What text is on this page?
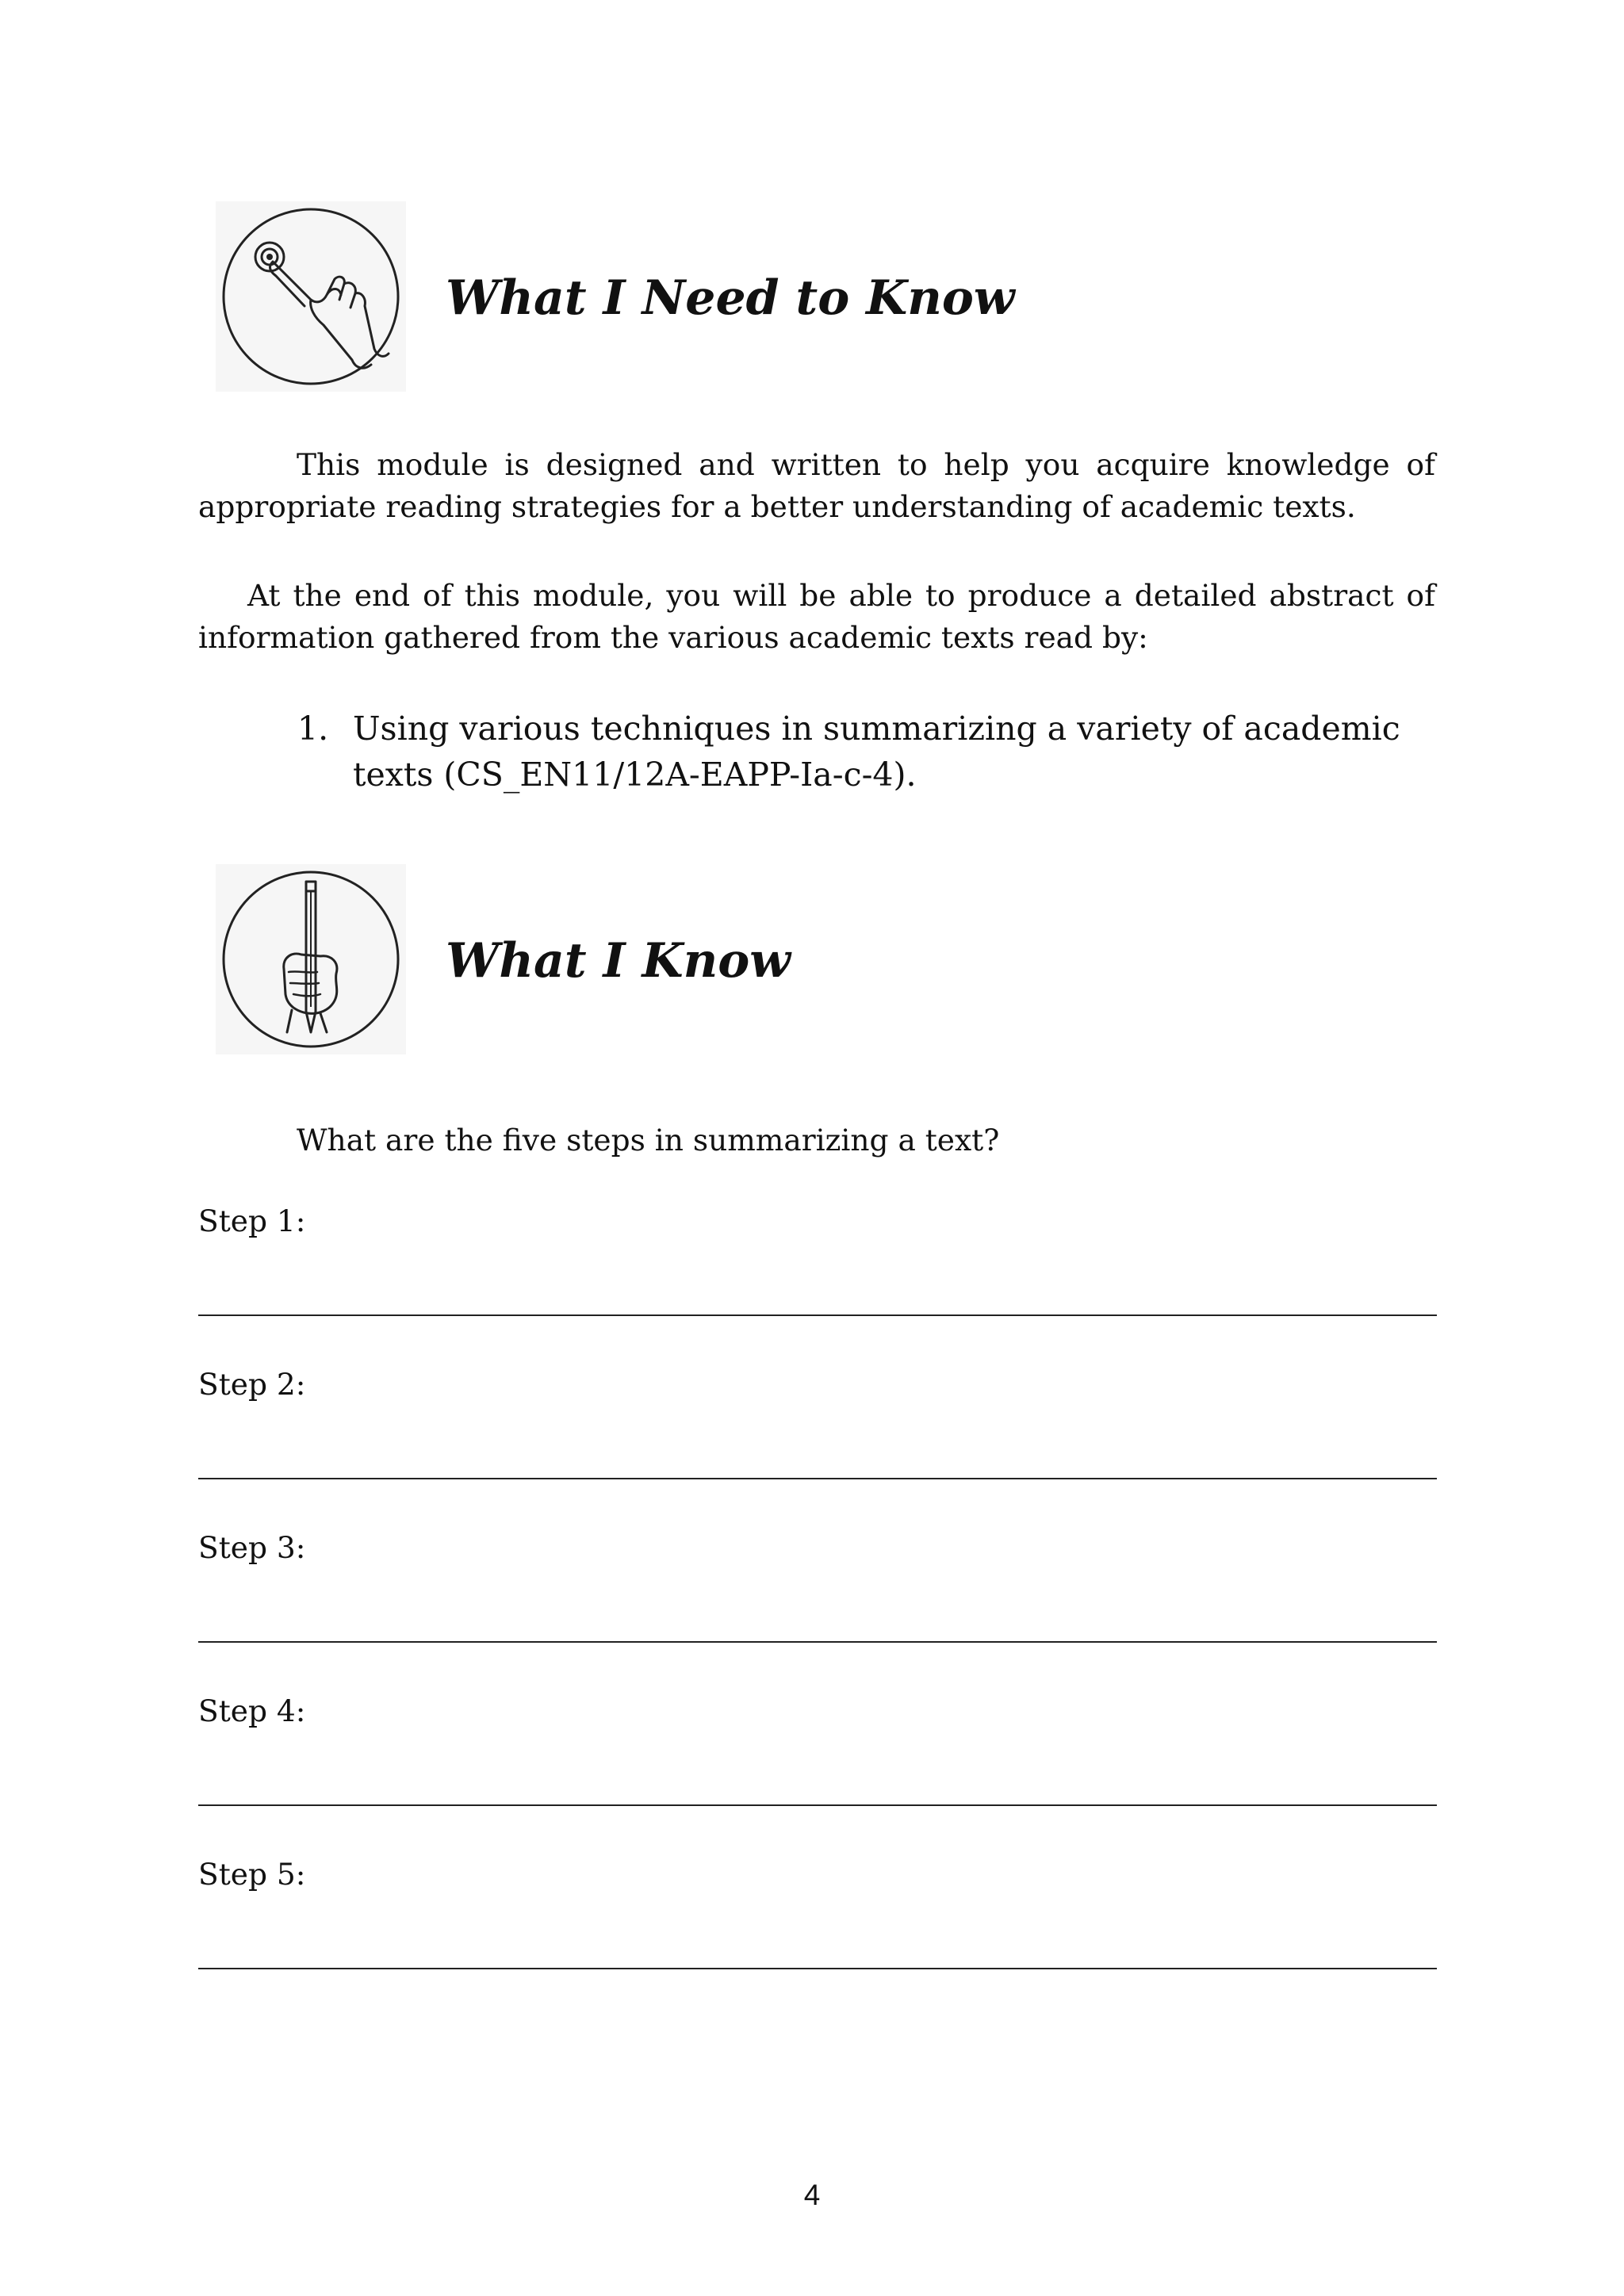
What I Need to Know
This module is designed and written to help you acquire knowledge of appropriate reading strategies for a better understanding of academic texts.
At the end of this module, you will be able to produce a detailed abstract of information gathered from the various academic texts read by:
1. Using various techniques in summarizing a variety of academic texts (CS_EN11/12A-EAPP-Ia-c-4).
What I Know
What are the five steps in summarizing a text?
Step 1:
Step 2:
Step 3:
Step 4:
Step 5:
4
